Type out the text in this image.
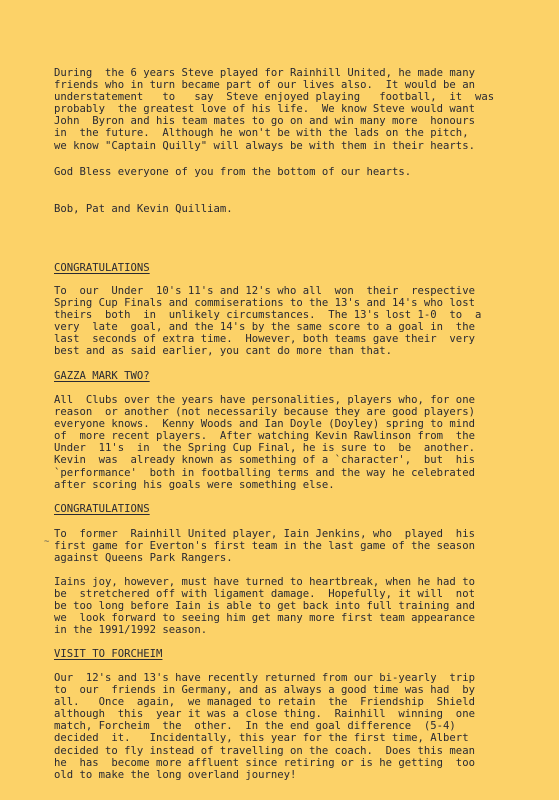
During  the 6 years Steve played for Rainhill United, he made many
friends who in turn became part of our lives also.  It would be an
understatement   to   say  Steve enjoyed playing   football,  it  was
probably  the greatest love of his life.  We know Steve would want
John  Byron and his team mates to go on and win many more  honours
in  the future.  Although he won't be with the lads on the pitch,
we know "Captain Quilly" will always be with them in their hearts.
God Bless everyone of you from the bottom of our hearts.
Bob, Pat and Kevin Quilliam.
CONGRATULATIONS
To  our  Under  10's 11's and 12's who all  won  their  respective
Spring Cup Finals and commiserations to the 13's and 14's who lost
theirs  both  in  unlikely circumstances.  The 13's lost 1-0  to  a
very  late  goal, and the 14's by the same score to a goal in  the
last  seconds of extra time.  However, both teams gave their  very
best and as said earlier, you cant do more than that.
GAZZA MARK TWO?
All  Clubs over the years have personalities, players who, for one
reason  or another (not necessarily because they are good players)
everyone knows.  Kenny Woods and Ian Doyle (Doyley) spring to mind
of  more recent players.  After watching Kevin Rawlinson from  the
Under  11's  in  the Spring Cup Final, he is sure to  be  another.
Kevin  was  already known as something of a `character',  but  his
`performance'  both in footballing terms and the way he celebrated
after scoring his goals were something else.
CONGRATULATIONS
~
To  former  Rainhill United player, Iain Jenkins, who  played  his
first game for Everton's first team in the last game of the season
against Queens Park Rangers.
Iains joy, however, must have turned to heartbreak, when he had to
be  stretchered off with ligament damage.  Hopefully, it will  not
be too long before Iain is able to get back into full training and
we  look forward to seeing him get many more first team appearance
in the 1991/1992 season.
VISIT TO FORCHEIM
Our  12's and 13's have recently returned from our bi-yearly  trip
to  our  friends in Germany, and as always a good time was had  by
all.   Once  again,  we managed to retain  the  Friendship  Shield
although  this  year it was a close thing.  Rainhill  winning  one
match, Forcheim  the  other.  In the end goal difference  (5-4)
decided  it.   Incidentally, this year for the first time, Albert
decided to fly instead of travelling on the coach.  Does this mean
he  has  become more affluent since retiring or is he getting  too
old to make the long overland journey!
